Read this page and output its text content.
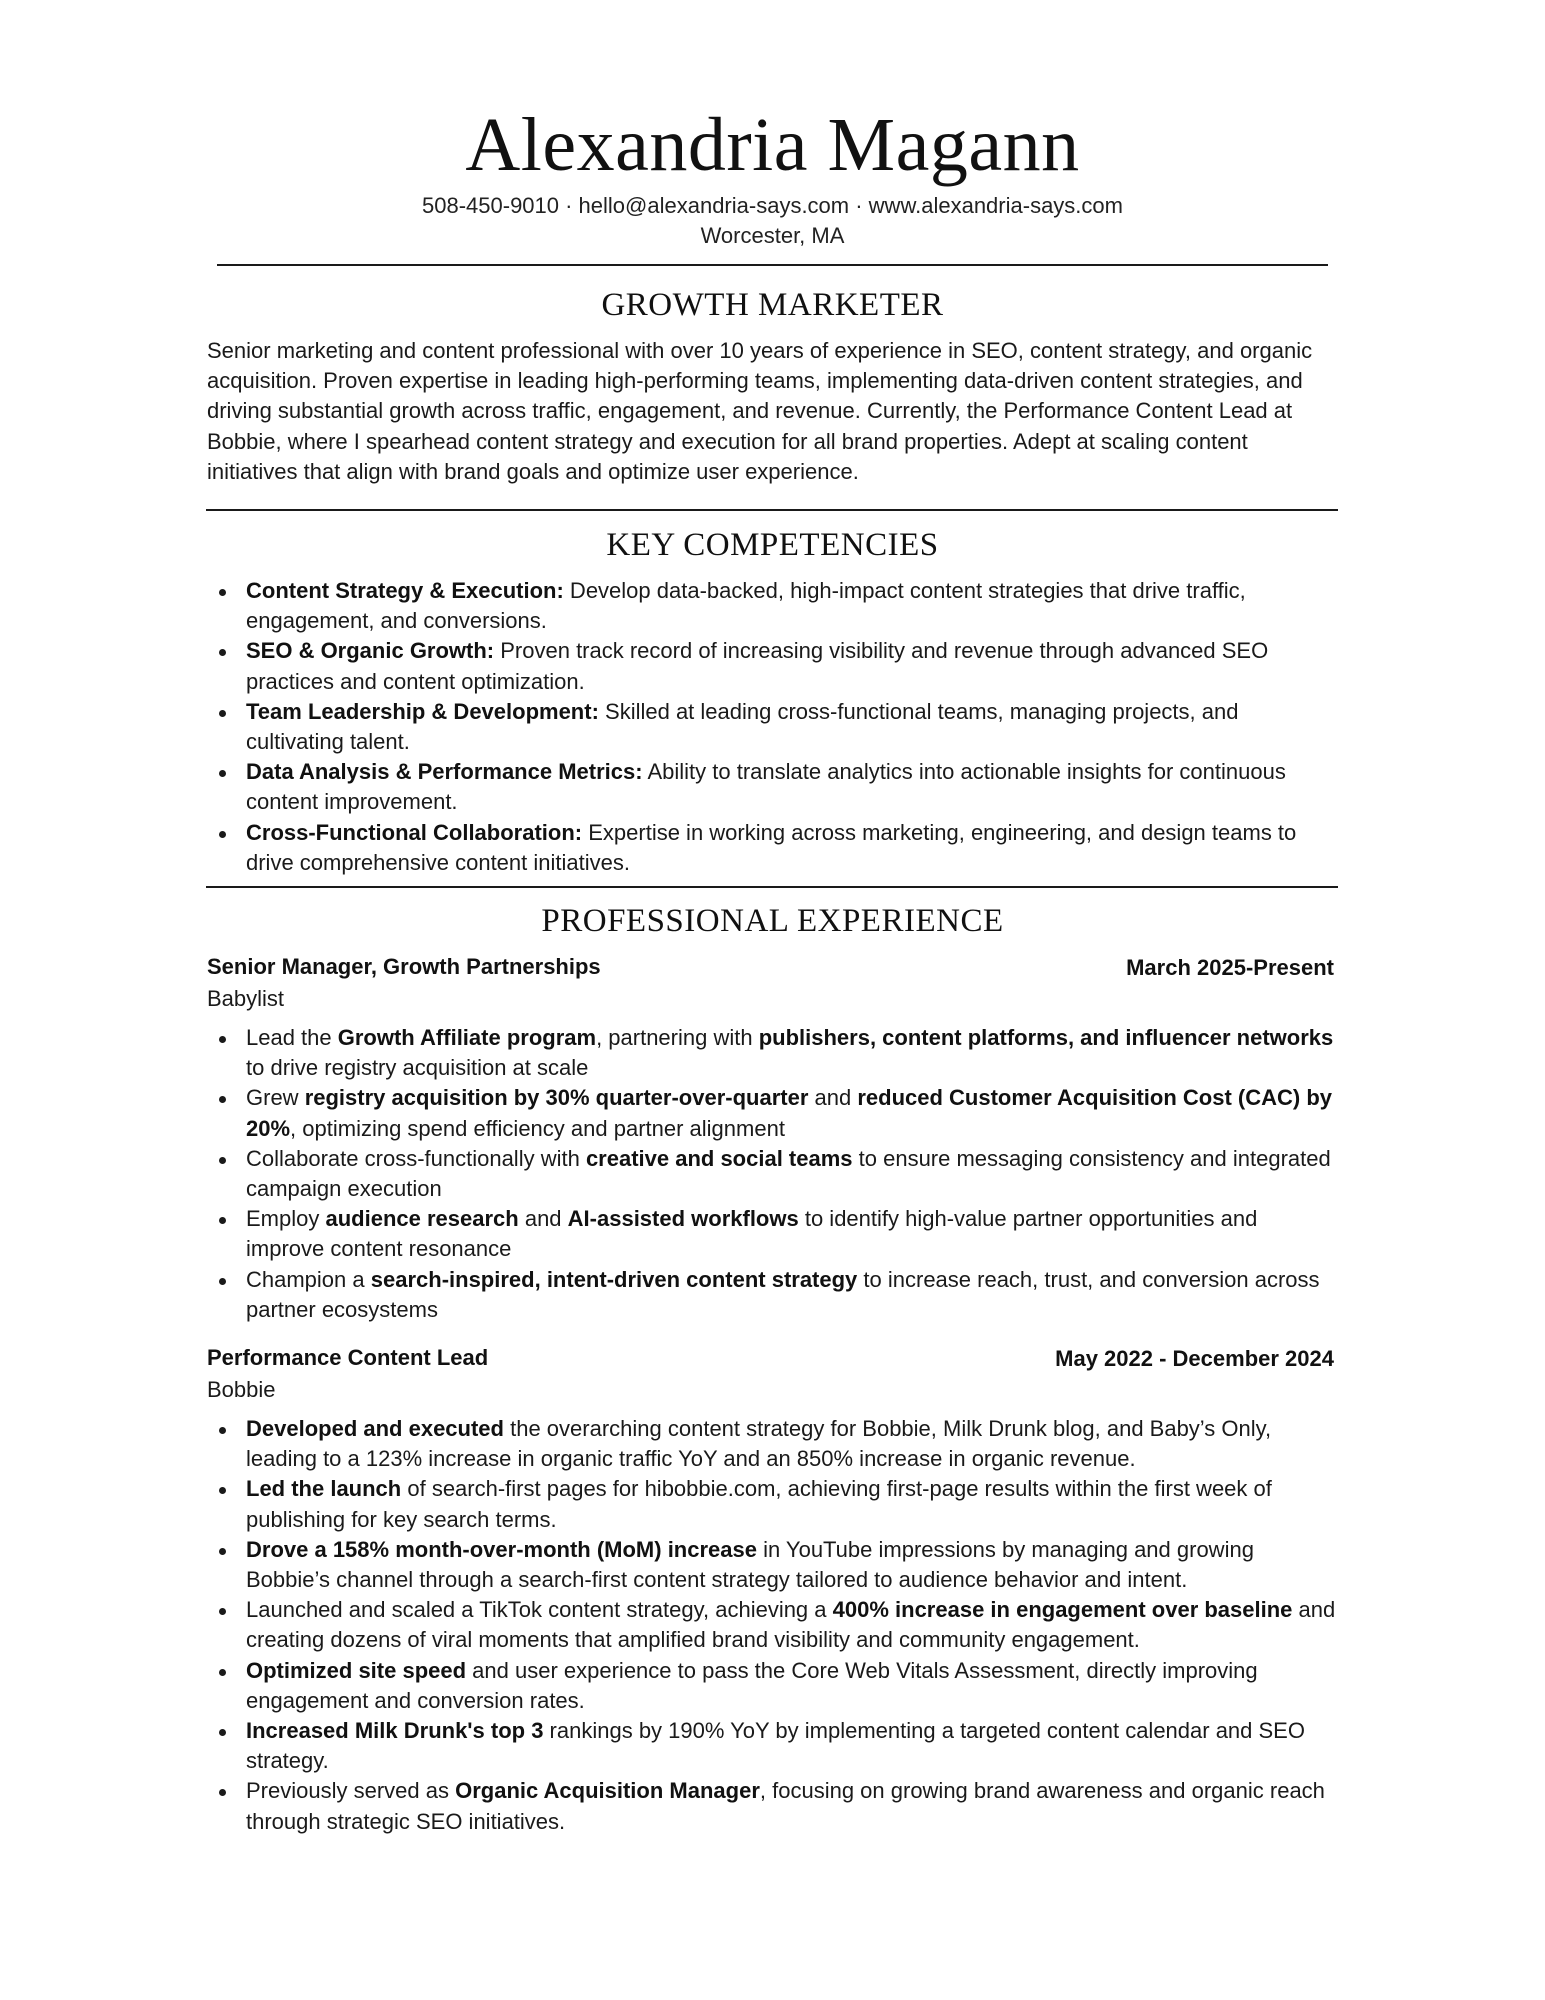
Alexandria Magann
508-450-9010 · hello@alexandria-says.com · www.alexandria-says.com
Worcester, MA
GROWTH MARKETER
Senior marketing and content professional with over 10 years of experience in SEO, content strategy, and organic acquisition. Proven expertise in leading high-performing teams, implementing data-driven content strategies, and driving substantial growth across traffic, engagement, and revenue. Currently, the Performance Content Lead at Bobbie, where I spearhead content strategy and execution for all brand properties. Adept at scaling content initiatives that align with brand goals and optimize user experience.
KEY COMPETENCIES
Content Strategy & Execution: Develop data-backed, high-impact content strategies that drive traffic, engagement, and conversions.
SEO & Organic Growth: Proven track record of increasing visibility and revenue through advanced SEO practices and content optimization.
Team Leadership & Development: Skilled at leading cross-functional teams, managing projects, and cultivating talent.
Data Analysis & Performance Metrics: Ability to translate analytics into actionable insights for continuous content improvement.
Cross-Functional Collaboration: Expertise in working across marketing, engineering, and design teams to drive comprehensive content initiatives.
PROFESSIONAL EXPERIENCE
Senior Manager, Growth Partnerships	March 2025-Present
Babylist
Lead the Growth Affiliate program, partnering with publishers, content platforms, and influencer networks to drive registry acquisition at scale
Grew registry acquisition by 30% quarter-over-quarter and reduced Customer Acquisition Cost (CAC) by 20%, optimizing spend efficiency and partner alignment
Collaborate cross-functionally with creative and social teams to ensure messaging consistency and integrated campaign execution
Employ audience research and AI-assisted workflows to identify high-value partner opportunities and improve content resonance
Champion a search-inspired, intent-driven content strategy to increase reach, trust, and conversion across partner ecosystems
Performance Content Lead	May 2022 - December 2024
Bobbie
Developed and executed the overarching content strategy for Bobbie, Milk Drunk blog, and Baby’s Only, leading to a 123% increase in organic traffic YoY and an 850% increase in organic revenue.
Led the launch of search-first pages for hibobbie.com, achieving first-page results within the first week of publishing for key search terms.
Drove a 158% month-over-month (MoM) increase in YouTube impressions by managing and growing Bobbie’s channel through a search-first content strategy tailored to audience behavior and intent.
Launched and scaled a TikTok content strategy, achieving a 400% increase in engagement over baseline and creating dozens of viral moments that amplified brand visibility and community engagement.
Optimized site speed and user experience to pass the Core Web Vitals Assessment, directly improving engagement and conversion rates.
Increased Milk Drunk's top 3 rankings by 190% YoY by implementing a targeted content calendar and SEO strategy.
Previously served as Organic Acquisition Manager, focusing on growing brand awareness and organic reach through strategic SEO initiatives.
